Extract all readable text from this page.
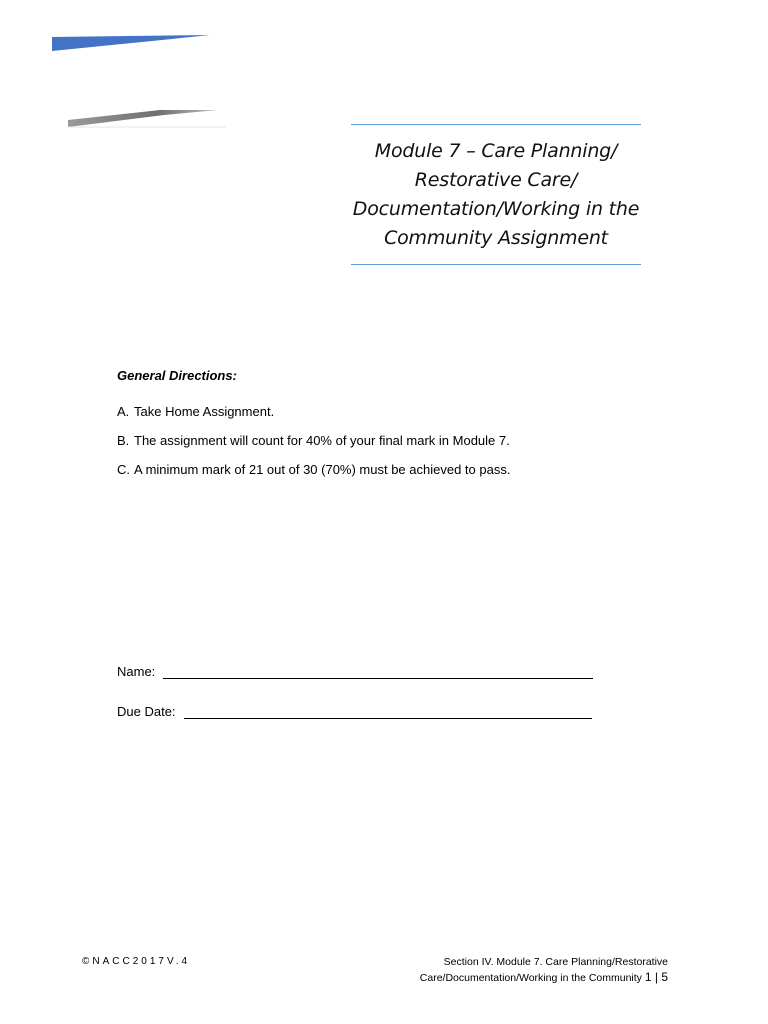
Module 7 – Care Planning/
Restorative Care/
Documentation/Working in the
Community Assignment
General Directions:
A. Take Home Assignment.
B. The assignment will count for 40% of your final mark in Module 7.
C. A minimum mark of 21 out of 30 (70%) must be achieved to pass.
Name:
Due Date:
©NACC2017V.4	Section IV. Module 7. Care Planning/Restorative
Care/Documentation/Working in the Community 1 | 5
